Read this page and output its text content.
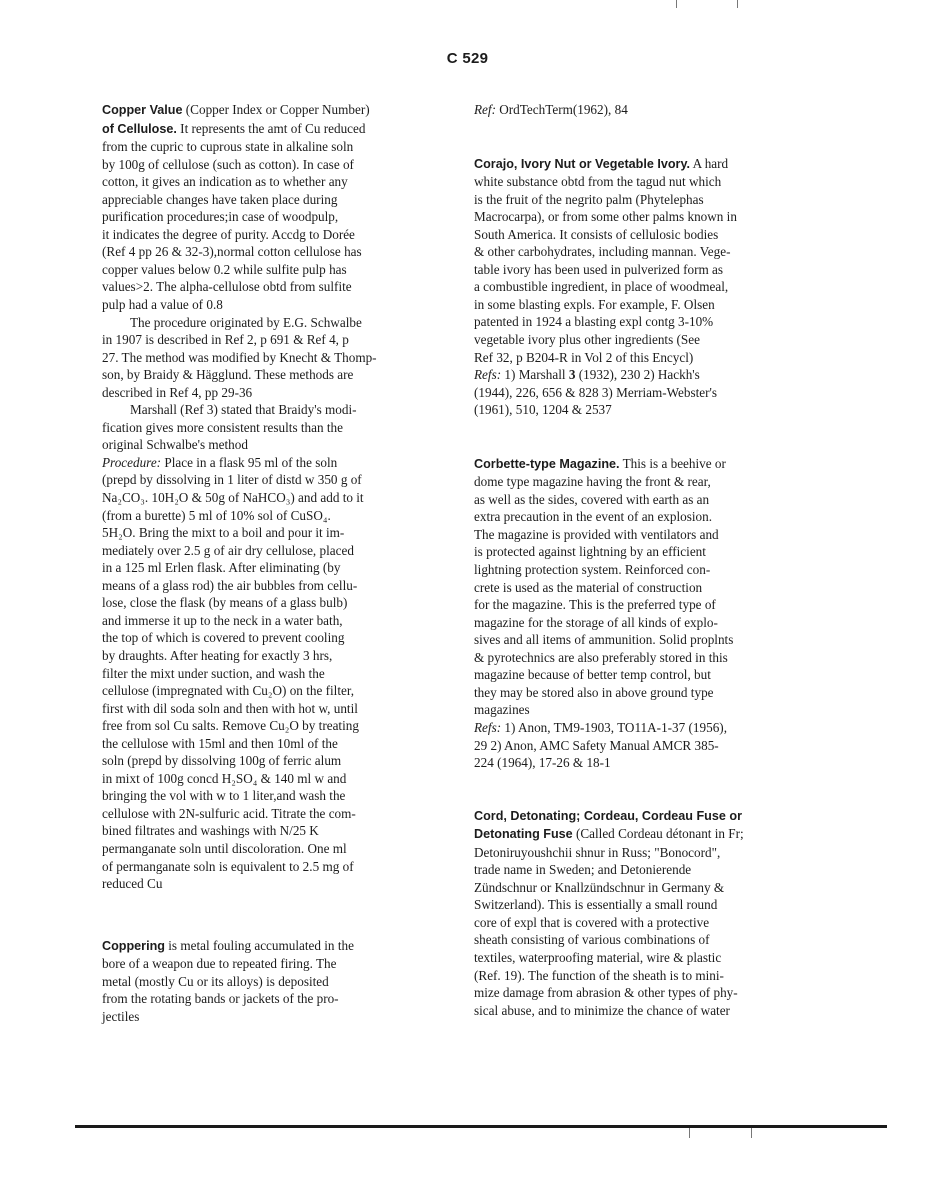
C 529
Copper Value (Copper Index or Copper Number)
of Cellulose. It represents the amt of Cu reduced
from the cupric to cuprous state in alkaline soln
by 100g of cellulose (such as cotton). In case of
cotton, it gives an indication as to whether any
appreciable changes have taken place during
purification procedures;in case of woodpulp,
it indicates the degree of purity. Accdg to Dorée
(Ref 4 pp 26 & 32-3),normal cotton cellulose has
copper values below 0.2 while sulfite pulp has
values>2. The alpha-cellulose obtd from sulfite
pulp had a value of 0.8
The procedure originated by E.G. Schwalbe
in 1907 is described in Ref 2, p 691 & Ref 4, p
27. The method was modified by Knecht & Thomp-
son, by Braidy & Hägglund. These methods are
described in Ref 4, pp 29-36
Marshall (Ref 3) stated that Braidy's modi-
fication gives more consistent results than the
original Schwalbe's method
Procedure: Place in a flask 95 ml of the soln
(prepd by dissolving in 1 liter of distd w 350 g of
Na₂CO₃. 10H₂O & 50g of NaHCO₃) and add to it
(from a burette) 5 ml of 10% sol of CuSO₄.
5H₂O. Bring the mixt to a boil and pour it im-
mediately over 2.5 g of air dry cellulose, placed
in a 125 ml Erlen flask. After eliminating (by
means of a glass rod) the air bubbles from cellu-
lose, close the flask (by means of a glass bulb)
and immerse it up to the neck in a water bath,
the top of which is covered to prevent cooling
by draughts. After heating for exactly 3 hrs,
filter the mixt under suction, and wash the
cellulose (impregnated with Cu₂O) on the filter,
first with dil soda soln and then with hot w, until
free from sol Cu salts. Remove Cu₂O by treating
the cellulose with 15ml and then 10ml of the
soln (prepd by dissolving 100g of ferric alum
in mixt of 100g concd H₂SO₄ & 140 ml w and
bringing the vol with w to 1 liter,and wash the
cellulose with 2N-sulfuric acid. Titrate the com-
bined filtrates and washings with N/25 K
permanganate soln until discoloration. One ml
of permanganate soln is equivalent to 2.5 mg of
reduced Cu
Coppering is metal fouling accumulated in the
bore of a weapon due to repeated firing. The
metal (mostly Cu or its alloys) is deposited
from the rotating bands or jackets of the pro-
jectiles
Ref: OrdTechTerm(1962), 84
Corajo, Ivory Nut or Vegetable Ivory. A hard
white substance obtd from the tagud nut which
is the fruit of the negrito palm (Phytelephas
Macrocarpa), or from some other palms known in
South America. It consists of cellulosic bodies
& other carbohydrates, including mannan. Vege-
table ivory has been used in pulverized form as
a combustible ingredient, in place of woodmeal,
in some blasting expls. For example, F. Olsen
patented in 1924 a blasting expl contg 3-10%
vegetable ivory plus other ingredients (See
Ref 32, p B204-R in Vol 2 of this Encycl)
Refs: 1) Marshall 3 (1932), 230 2) Hackh's
(1944), 226, 656 & 828 3) Merriam-Webster's
(1961), 510, 1204 & 2537
Corbette-type Magazine. This is a beehive or
dome type magazine having the front & rear,
as well as the sides, covered with earth as an
extra precaution in the event of an explosion.
The magazine is provided with ventilators and
is protected against lightning by an efficient
lightning protection system. Reinforced con-
crete is used as the material of construction
for the magazine. This is the preferred type of
magazine for the storage of all kinds of explo-
sives and all items of ammunition. Solid proplnts
& pyrotechnics are also preferably stored in this
magazine because of better temp control, but
they may be stored also in above ground type
magazines
Refs: 1) Anon, TM9-1903, TO11A-1-37 (1956),
29 2) Anon, AMC Safety Manual AMCR 385-
224 (1964), 17-26 & 18-1
Cord, Detonating; Cordeau, Cordeau Fuse or
Detonating Fuse (Called Cordeau détonant in Fr;
Detoniruyoushchii shnur in Russ; "Bonocord",
trade name in Sweden; and Detonierende
Zündschnur or Knallzündschnur in Germany &
Switzerland). This is essentially a small round
core of expl that is covered with a protective
sheath consisting of various combinations of
textiles, waterproofing material, wire & plastic
(Ref. 19). The function of the sheath is to mini-
mize damage from abrasion & other types of phy-
sical abuse, and to minimize the chance of water
